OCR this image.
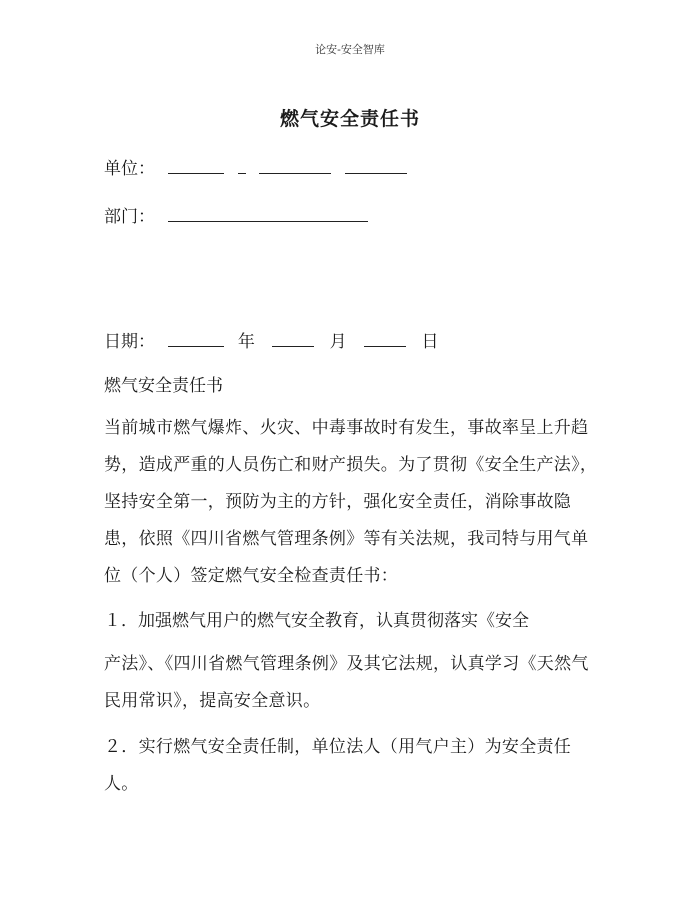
论安-安全智库
燃气安全责任书
单位：
部门：
日期：	年	月	日
燃气安全责任书
当前城市燃气爆炸、火灾、中毒事故时有发生，事故率呈上升趋势，造成严重的人员伤亡和财产损失。为了贯彻《安全生产法》，坚持安全第一，预防为主的方针，强化安全责任，消除事故隐患，依照《四川省燃气管理条例》等有关法规，我司特与用气单位（个人）签定燃气安全检查责任书：
１．加强燃气用户的燃气安全教育，认真贯彻落实《安全
产法》、《四川省燃气管理条例》及其它法规，认真学习《天然气民用常识》，提高安全意识。
２．实行燃气安全责任制，单位法人（用气户主）为安全责任人。
